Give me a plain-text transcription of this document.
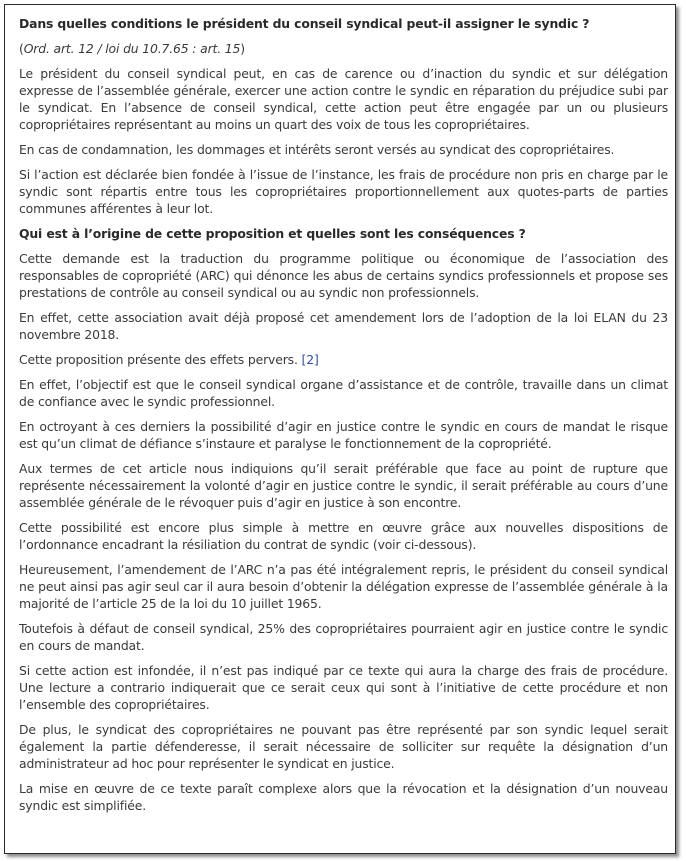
Dans quelles conditions le président du conseil syndical peut-il assigner le syndic ?

(Ord. art. 12 / loi du 10.7.65 : art. 15)

Le président du conseil syndical peut, en cas de carence ou d’inaction du syndic et sur délégation expresse de l’assemblée générale, exercer une action contre le syndic en réparation du préjudice subi par le syndicat. En l’absence de conseil syndical, cette action peut être engagée par un ou plusieurs copropriétaires représentant au moins un quart des voix de tous les copropriétaires.

En cas de condamnation, les dommages et intérêts seront versés au syndicat des copropriétaires.

Si l’action est déclarée bien fondée à l’issue de l’instance, les frais de procédure non pris en charge par le syndic sont répartis entre tous les copropriétaires proportionnellement aux quotes-parts de parties communes afférentes à leur lot.

Qui est à l’origine de cette proposition et quelles sont les conséquences ?

Cette demande est la traduction du programme politique ou économique de l’association des responsables de copropriété (ARC) qui dénonce les abus de certains syndics professionnels et propose ses prestations de contrôle au conseil syndical ou au syndic non professionnels.

En effet, cette association avait déjà proposé cet amendement lors de l’adoption de la loi ELAN du 23 novembre 2018.

Cette proposition présente des effets pervers. [2]

En effet, l’objectif est que le conseil syndical organe d’assistance et de contrôle, travaille dans un climat de confiance avec le syndic professionnel.

En octroyant à ces derniers la possibilité d’agir en justice contre le syndic en cours de mandat le risque est qu’un climat de défiance s’instaure et paralyse le fonctionnement de la copropriété.

Aux termes de cet article nous indiquions qu’il serait préférable que face au point de rupture que représente nécessairement la volonté d’agir en justice contre le syndic, il serait préférable au cours d’une assemblée générale de le révoquer puis d’agir en justice à son encontre.

Cette possibilité est encore plus simple à mettre en œuvre grâce aux nouvelles dispositions de l’ordonnance encadrant la résiliation du contrat de syndic (voir ci-dessous).

Heureusement, l’amendement de l’ARC n’a pas été intégralement repris, le président du conseil syndical ne peut ainsi pas agir seul car il aura besoin d’obtenir la délégation expresse de l’assemblée générale à la majorité de l’article 25 de la loi du 10 juillet 1965.

Toutefois à défaut de conseil syndical, 25% des copropriétaires pourraient agir en justice contre le syndic en cours de mandat.

Si cette action est infondée, il n’est pas indiqué par ce texte qui aura la charge des frais de procédure. Une lecture a contrario indiquerait que ce serait ceux qui sont à l’initiative de cette procédure et non l’ensemble des copropriétaires.

De plus, le syndicat des copropriétaires ne pouvant pas être représenté par son syndic lequel serait également la partie défenderesse, il serait nécessaire de solliciter sur requête la désignation d’un administrateur ad hoc pour représenter le syndicat en justice.

La mise en œuvre de ce texte paraît complexe alors que la révocation et la désignation d’un nouveau syndic est simplifiée.
